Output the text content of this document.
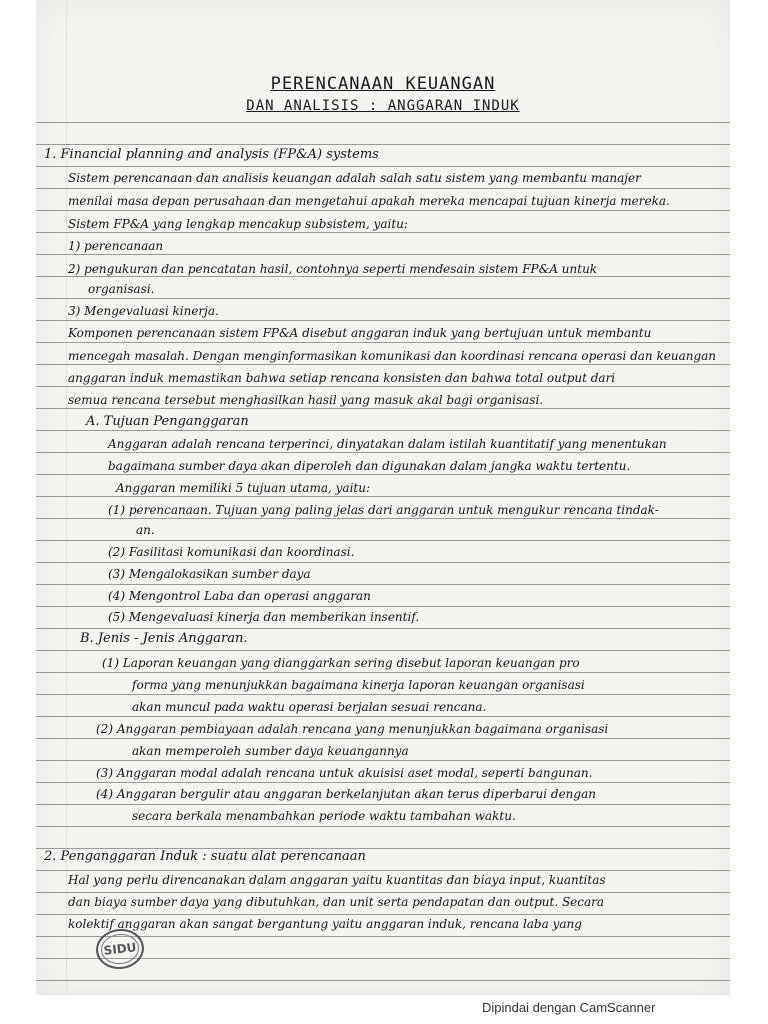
PERENCANAAN KEUANGAN
DAN ANALISIS : ANGGARAN INDUK
1. Financial planning and analysis (FP&A) systems
Sistem perencanaan dan analisis keuangan adalah salah satu sistem yang membantu manajer
menilai masa depan perusahaan dan mengetahui apakah mereka mencapai tujuan kinerja mereka.
Sistem FP&A yang lengkap mencakup subsistem, yaitu:
1) perencanaan
2) pengukuran dan pencatatan hasil, contohnya seperti mendesain sistem FP&A untuk
organisasi.
3) Mengevaluasi kinerja.
Komponen perencanaan sistem FP&A disebut anggaran induk yang bertujuan untuk membantu
mencegah masalah. Dengan menginformasikan komunikasi dan koordinasi rencana operasi dan keuangan
anggaran induk memastikan bahwa setiap rencana konsisten dan bahwa total output dari
semua rencana tersebut menghasilkan hasil yang masuk akal bagi organisasi.
A. Tujuan Penganggaran
Anggaran adalah rencana terperinci, dinyatakan dalam istilah kuantitatif yang menentukan
bagaimana sumber daya akan diperoleh dan digunakan dalam jangka waktu tertentu.
Anggaran memiliki 5 tujuan utama, yaitu:
(1) perencanaan. Tujuan yang paling jelas dari anggaran untuk mengukur rencana tindak-
an.
(2) Fasilitasi komunikasi dan koordinasi.
(3) Mengalokasikan sumber daya
(4) Mengontrol Laba dan operasi anggaran
(5) Mengevaluasi kinerja dan memberikan insentif.
B. Jenis - Jenis Anggaran.
(1) Laporan keuangan yang dianggarkan sering disebut laporan keuangan pro
forma yang menunjukkan bagaimana kinerja laporan keuangan organisasi
akan muncul pada waktu operasi berjalan sesuai rencana.
(2) Anggaran pembiayaan adalah rencana yang menunjukkan bagaimana organisasi
akan memperoleh sumber daya keuangannya
(3) Anggaran modal adalah rencana untuk akuisisi aset modal, seperti bangunan.
(4) Anggaran bergulir atau anggaran berkelanjutan akan terus diperbarui dengan
secara berkala menambahkan periode waktu tambahan waktu.
2. Penganggaran Induk : suatu alat perencanaan
Hal yang perlu direncanakan dalam anggaran yaitu kuantitas dan biaya input, kuantitas
dan biaya sumber daya yang dibutuhkan, dan unit serta pendapatan dan output. Secara
kolektif anggaran akan sangat bergantung yaitu anggaran induk, rencana laba yang
SIDU
Dipindai dengan CamScanner
